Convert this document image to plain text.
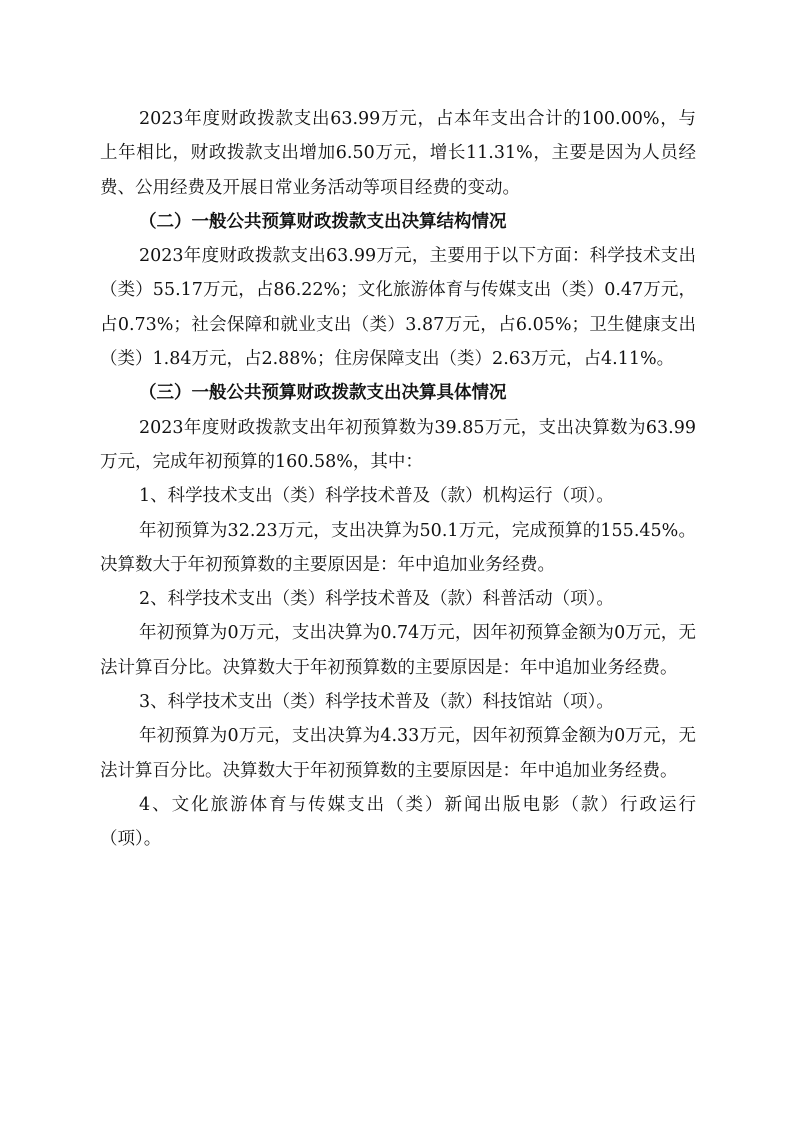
2023年度财政拨款支出63.99万元，占本年支出合计的100.00%，与上年相比，财政拨款支出增加6.50万元，增长11.31%，主要是因为人员经费、公用经费及开展日常业务活动等项目经费的变动。

（二）一般公共预算财政拨款支出决算结构情况

2023年度财政拨款支出63.99万元，主要用于以下方面：科学技术支出（类）55.17万元，占86.22%；文化旅游体育与传媒支出（类）0.47万元，占0.73%；社会保障和就业支出（类）3.87万元，占6.05%；卫生健康支出（类）1.84万元，占2.88%；住房保障支出（类）2.63万元，占4.11%。

（三）一般公共预算财政拨款支出决算具体情况

2023年度财政拨款支出年初预算数为39.85万元，支出决算数为63.99万元，完成年初预算的160.58%，其中：

1、科学技术支出（类）科学技术普及（款）机构运行（项）。

年初预算为32.23万元，支出决算为50.1万元，完成预算的155.45%。决算数大于年初预算数的主要原因是：年中追加业务经费。

2、科学技术支出（类）科学技术普及（款）科普活动（项）。

年初预算为0万元，支出决算为0.74万元，因年初预算金额为0万元，无法计算百分比。决算数大于年初预算数的主要原因是：年中追加业务经费。

3、科学技术支出（类）科学技术普及（款）科技馆站（项）。

年初预算为0万元，支出决算为4.33万元，因年初预算金额为0万元，无法计算百分比。决算数大于年初预算数的主要原因是：年中追加业务经费。

4、文化旅游体育与传媒支出（类）新闻出版电影（款）行政运行（项）。
